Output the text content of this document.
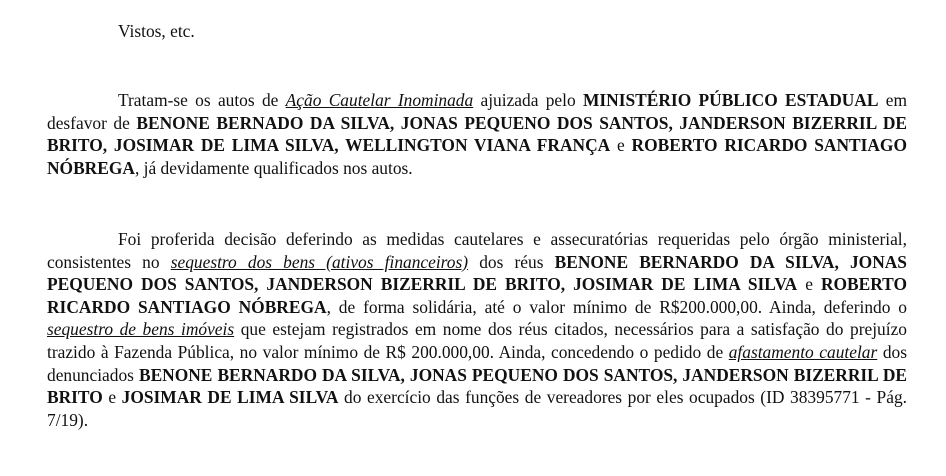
Vistos, etc.

Tratam-se os autos de Ação Cautelar Inominada ajuizada pelo MINISTÉRIO PÚBLICO ESTADUAL em desfavor de BENONE BERNADO DA SILVA, JONAS PEQUENO DOS SANTOS, JANDERSON BIZERRIL DE BRITO, JOSIMAR DE LIMA SILVA, WELLINGTON VIANA FRANÇA e ROBERTO RICARDO SANTIAGO NÓBREGA, já devidamente qualificados nos autos.

Foi proferida decisão deferindo as medidas cautelares e assecuratórias requeridas pelo órgão ministerial, consistentes no sequestro dos bens (ativos financeiros) dos réus BENONE BERNARDO DA SILVA, JONAS PEQUENO DOS SANTOS, JANDERSON BIZERRIL DE BRITO, JOSIMAR DE LIMA SILVA e ROBERTO RICARDO SANTIAGO NÓBREGA, de forma solidária, até o valor mínimo de R$200.000,00. Ainda, deferindo o sequestro de bens imóveis que estejam registrados em nome dos réus citados, necessários para a satisfação do prejuízo trazido à Fazenda Pública, no valor mínimo de R$ 200.000,00. Ainda, concedendo o pedido de afastamento cautelar dos denunciados BENONE BERNARDO DA SILVA, JONAS PEQUENO DOS SANTOS, JANDERSON BIZERRIL DE BRITO e JOSIMAR DE LIMA SILVA do exercício das funções de vereadores por eles ocupados (ID 38395771 - Pág. 7/19).
